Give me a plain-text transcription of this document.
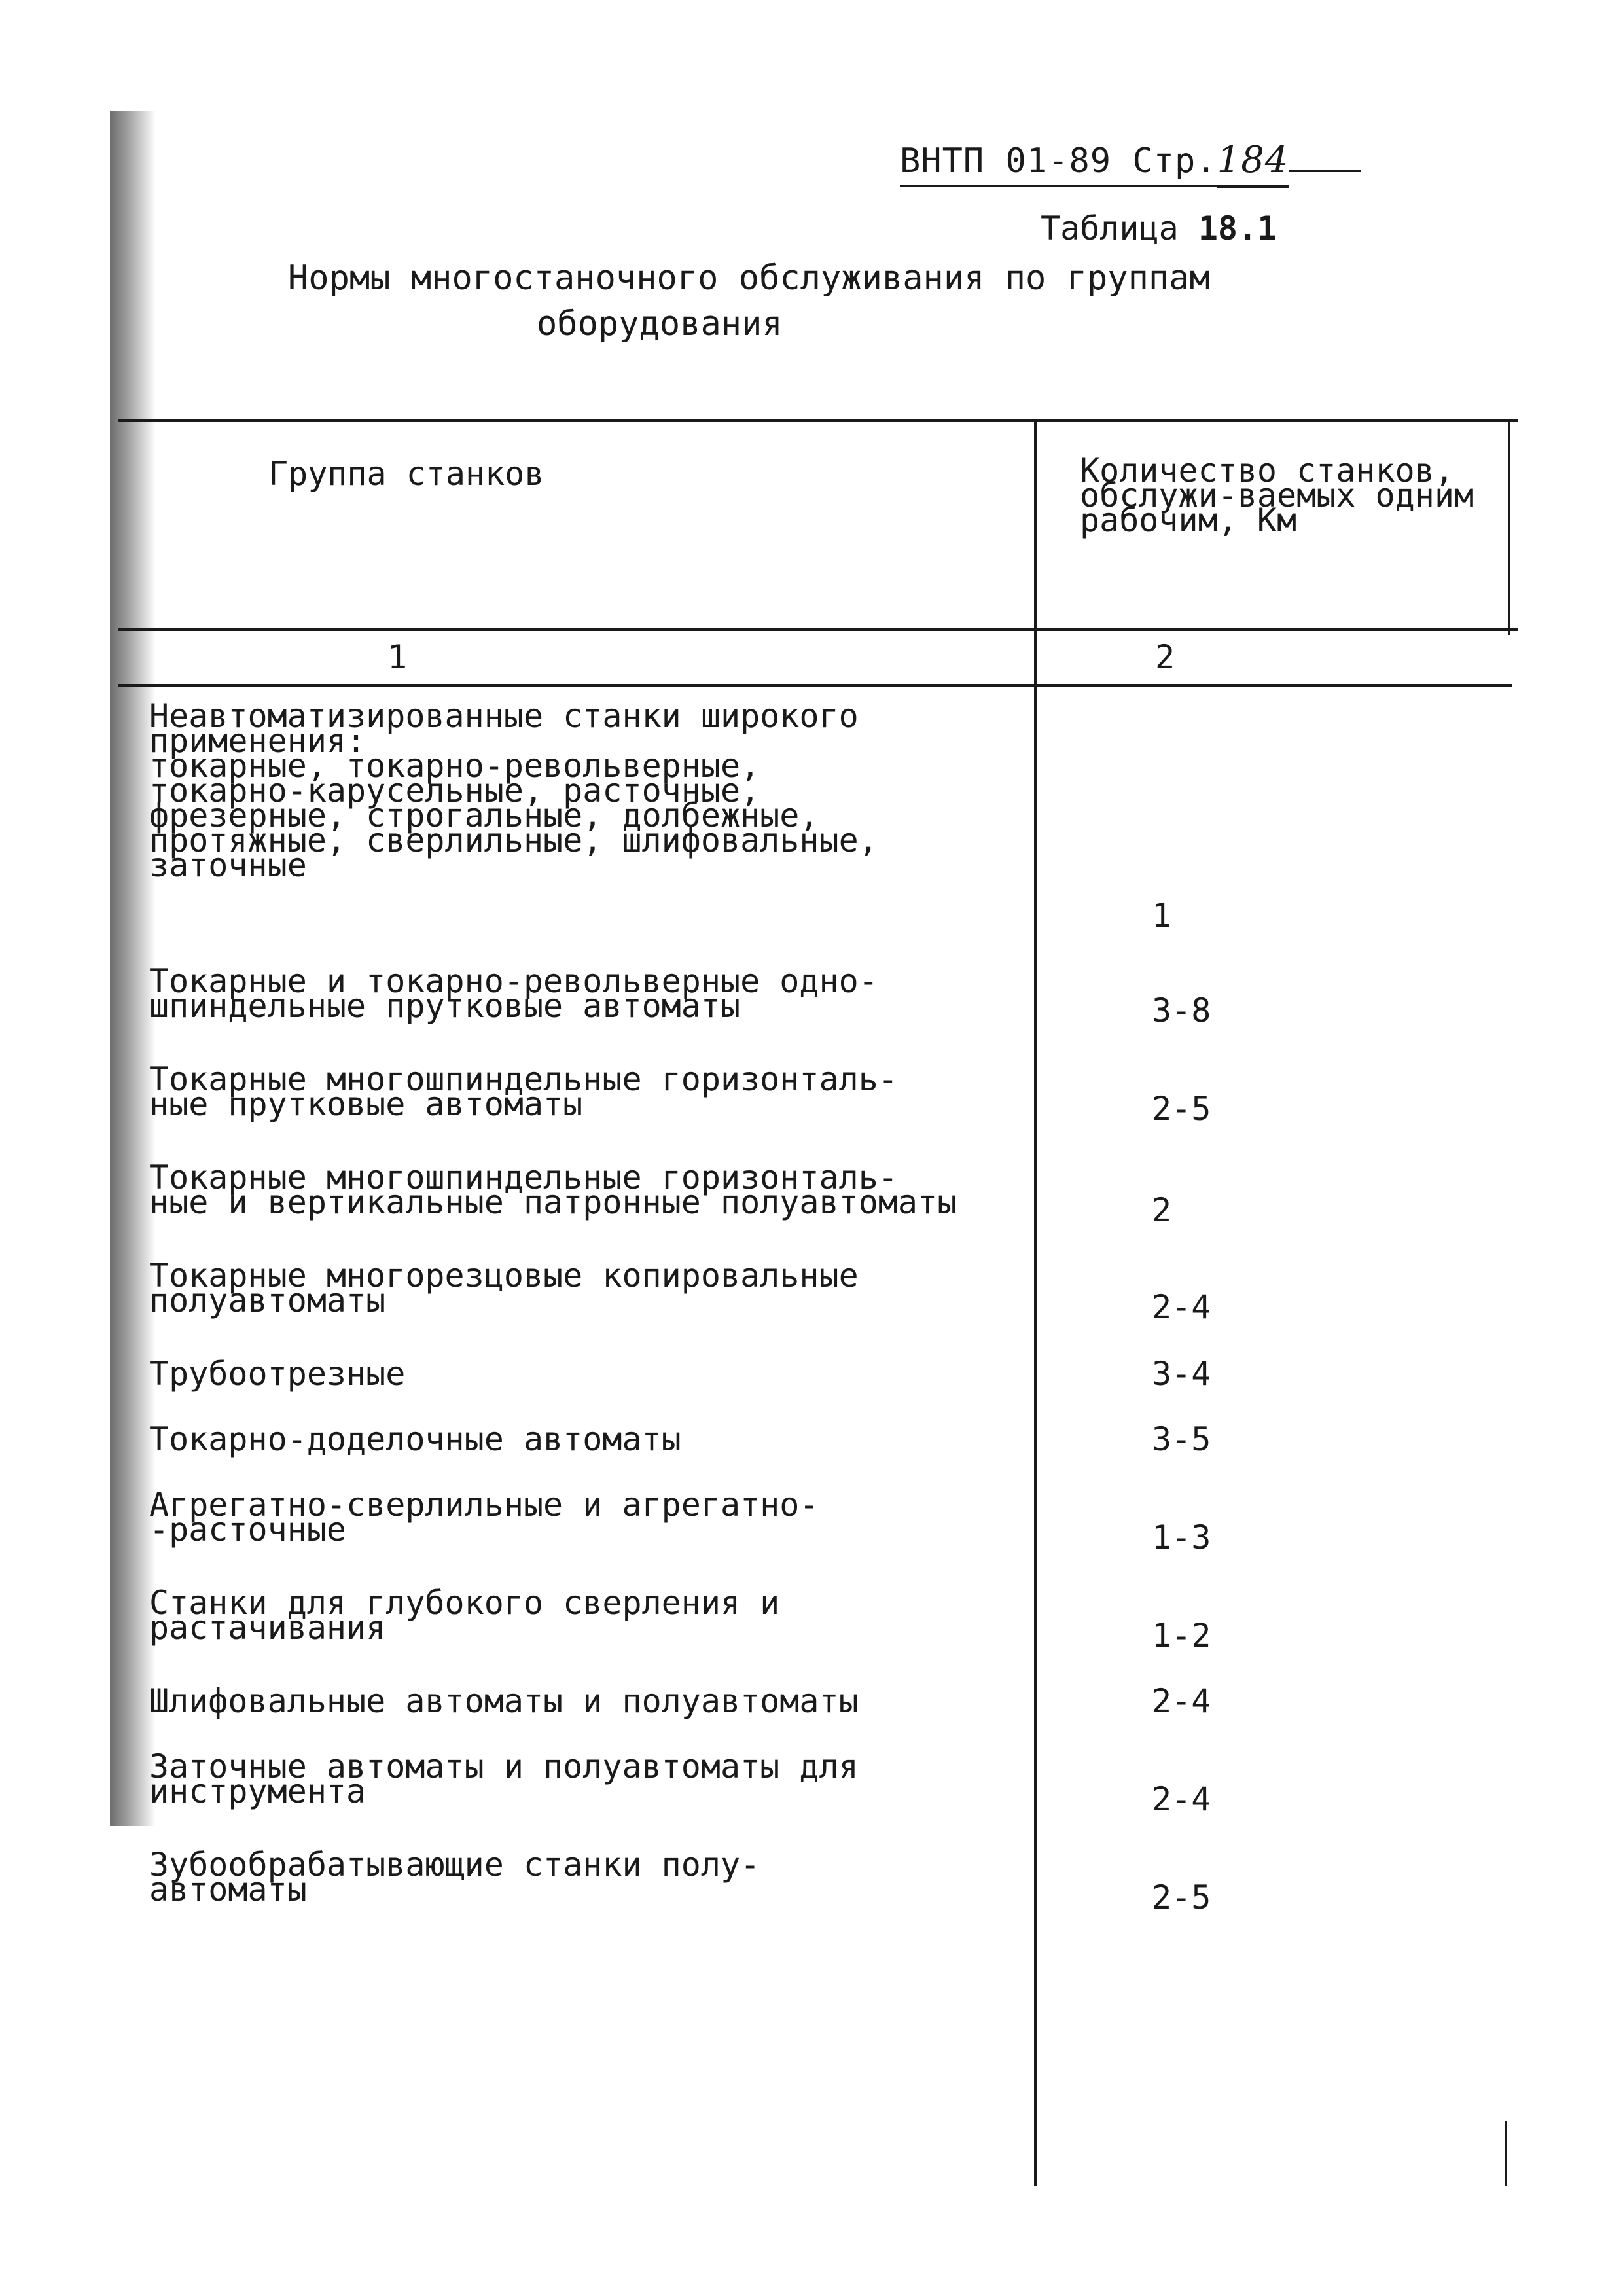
ВНТП 01-89 Стр.184
Таблица 18.1
Нормы многостаночного обслуживания по группам
оборудования
Группа станков	Количество станков, обслужи-ваемых одним рабочим, Км
1	2
Неавтоматизированные станки широкого
применения:
токарные, токарно-револьверные,
токарно-карусельные, расточные,
фрезерные, строгальные, долбежные,
протяжные, сверлильные, шлифовальные,
заточные
1
Токарные и токарно-револьверные одно-
шпиндельные прутковые автоматы	3-8
Токарные многошпиндельные горизонталь-
ные прутковые автоматы	2-5
Токарные многошпиндельные горизонталь-
ные и вертикальные патронные полуавтоматы	2
Токарные многорезцовые копировальные
полуавтоматы	2-4
Трубоотрезные	3-4
Токарно-доделочные автоматы	3-5
Агрегатно-сверлильные и агрегатно-
-расточные	1-3
Станки для глубокого сверления и
растачивания	1-2
Шлифовальные автоматы и полуавтоматы	2-4
Заточные автоматы и полуавтоматы для
инструмента	2-4
Зубообрабатывающие станки полу-
автоматы	2-5
